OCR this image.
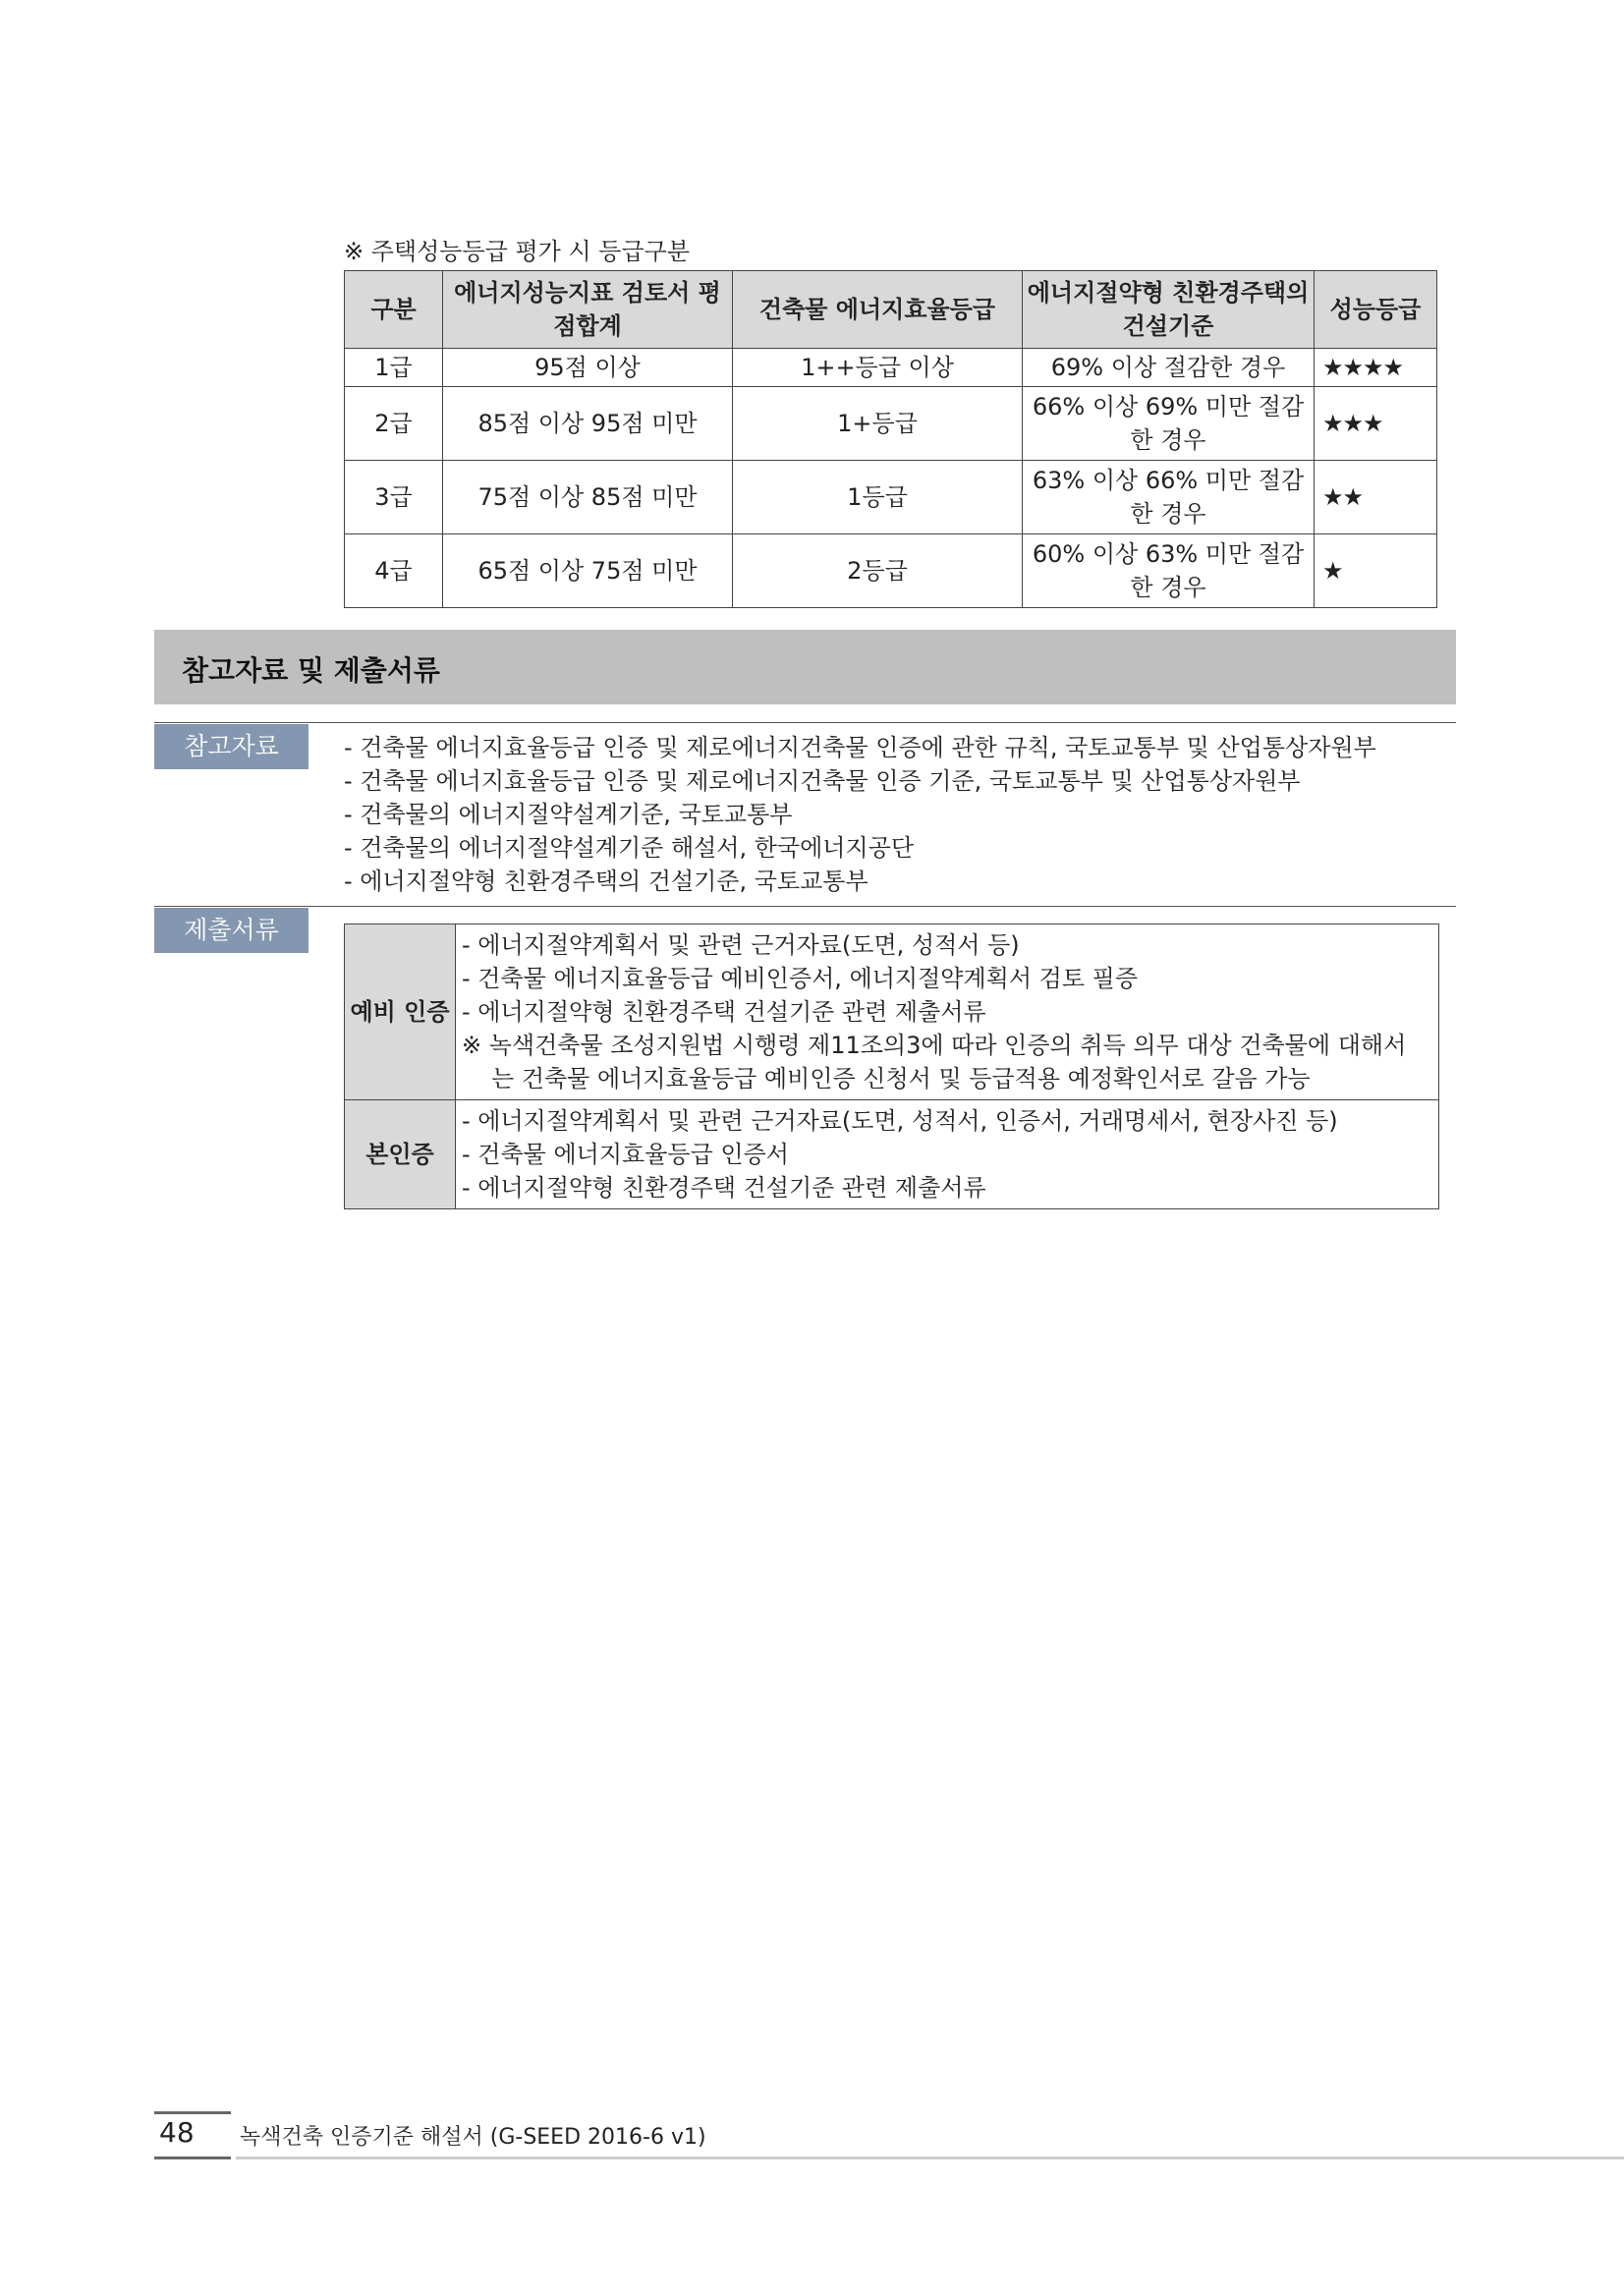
※ 주택성능등급 평가 시 등급구분
구분	에너지성능지표 검토서 평점합계	건축물 에너지효율등급	에너지절약형 친환경주택의 건설기준	성능등급
1급	95점 이상	1++등급 이상	69% 이상 절감한 경우	★★★★
2급	85점 이상 95점 미만	1+등급	66% 이상 69% 미만 절감한 경우	★★★
3급	75점 이상 85점 미만	1등급	63% 이상 66% 미만 절감한 경우	★★
4급	65점 이상 75점 미만	2등급	60% 이상 63% 미만 절감한 경우	★
참고자료 및 제출서류
참고자료	- 건축물 에너지효율등급 인증 및 제로에너지건축물 인증에 관한 규칙, 국토교통부 및 산업통상자원부
- 건축물 에너지효율등급 인증 및 제로에너지건축물 인증 기준, 국토교통부 및 산업통상자원부
- 건축물의 에너지절약설계기준, 국토교통부
- 건축물의 에너지절약설계기준 해설서, 한국에너지공단
- 에너지절약형 친환경주택의 건설기준, 국토교통부
제출서류
예비 인증	- 에너지절약계획서 및 관련 근거자료(도면, 성적서 등)
- 건축물 에너지효율등급 예비인증서, 에너지절약계획서 검토 필증
- 에너지절약형 친환경주택 건설기준 관련 제출서류
※ 녹색건축물 조성지원법 시행령 제11조의3에 따라 인증의 취득 의무 대상 건축물에 대해서
는 건축물 에너지효율등급 예비인증 신청서 및 등급적용 예정확인서로 갈음 가능

본인증	- 에너지절약계획서 및 관련 근거자료(도면, 성적서, 인증서, 거래명세서, 현장사진 등)
- 건축물 에너지효율등급 인증서
- 에너지절약형 친환경주택 건설기준 관련 제출서류
48 녹색건축 인증기준 해설서 (G-SEED 2016-6 v1)
